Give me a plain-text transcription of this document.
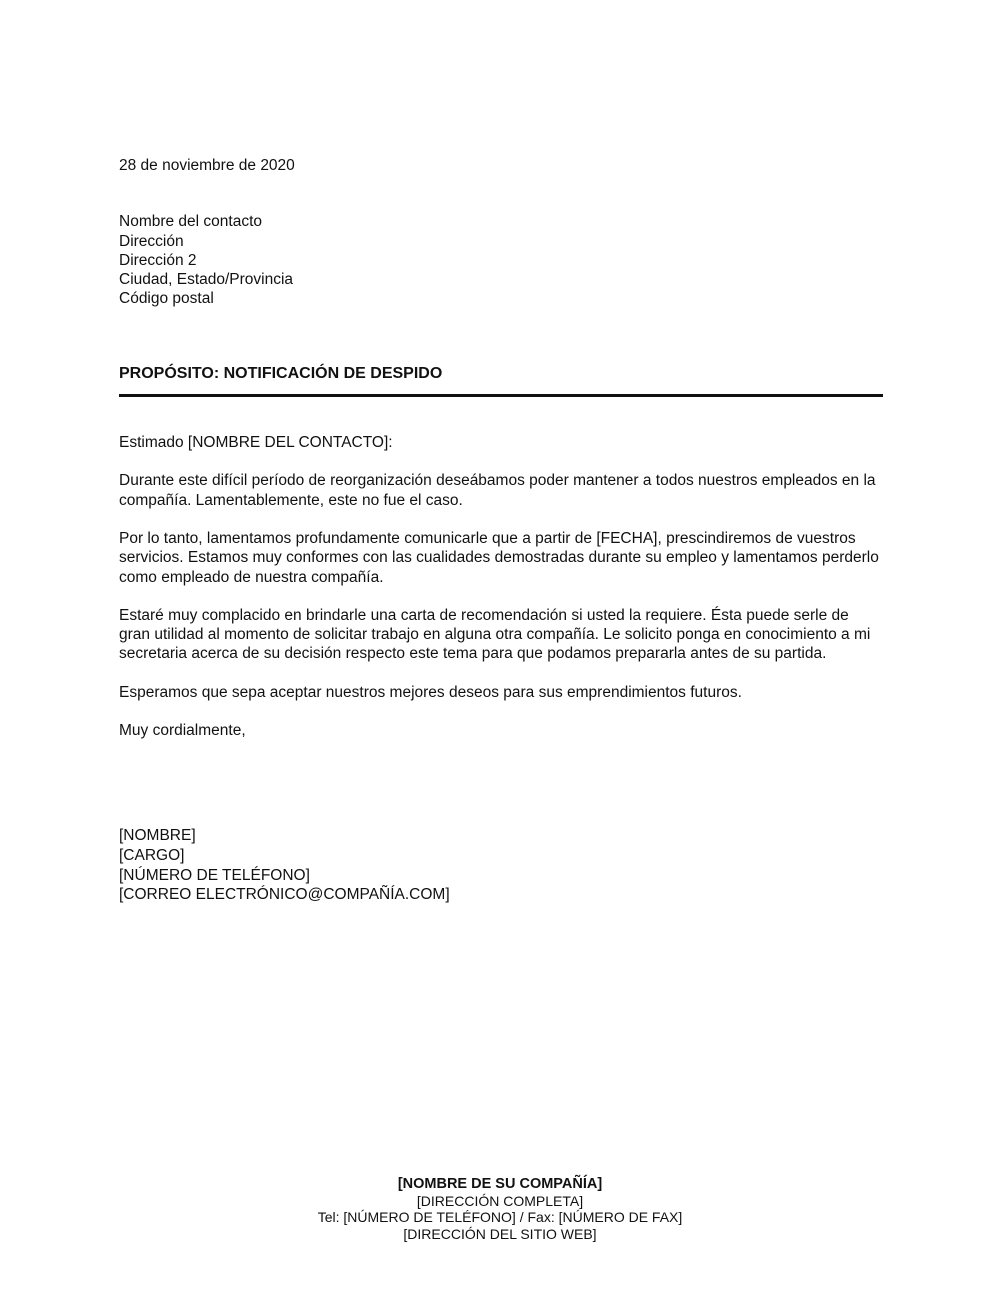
28 de noviembre de 2020
Nombre del contacto
Dirección
Dirección 2
Ciudad, Estado/Provincia
Código postal
PROPÓSITO: NOTIFICACIÓN DE DESPIDO
Estimado [NOMBRE DEL CONTACTO]:

Durante este difícil período de reorganización deseábamos poder mantener a todos nuestros empleados en la compañía. Lamentablemente, este no fue el caso.

Por lo tanto, lamentamos profundamente comunicarle que a partir de [FECHA], prescindiremos de vuestros servicios. Estamos muy conformes con las cualidades demostradas durante su empleo y lamentamos perderlo como empleado de nuestra compañía.

Estaré muy complacido en brindarle una carta de recomendación si usted la requiere. Ésta puede serle de gran utilidad al momento de solicitar trabajo en alguna otra compañía. Le solicito ponga en conocimiento a mi secretaria acerca de su decisión respecto este tema para que podamos prepararla antes de su partida.

Esperamos que sepa aceptar nuestros mejores deseos para sus emprendimientos futuros.

Muy cordialmente,
[NOMBRE]
[CARGO]
[NÚMERO DE TELÉFONO]
[CORREO ELECTRÓNICO@COMPAÑÍA.COM]
[NOMBRE DE SU COMPAÑÍA]
[DIRECCIÓN COMPLETA]
Tel: [NÚMERO DE TELÉFONO] / Fax: [NÚMERO DE FAX]
[DIRECCIÓN DEL SITIO WEB]
